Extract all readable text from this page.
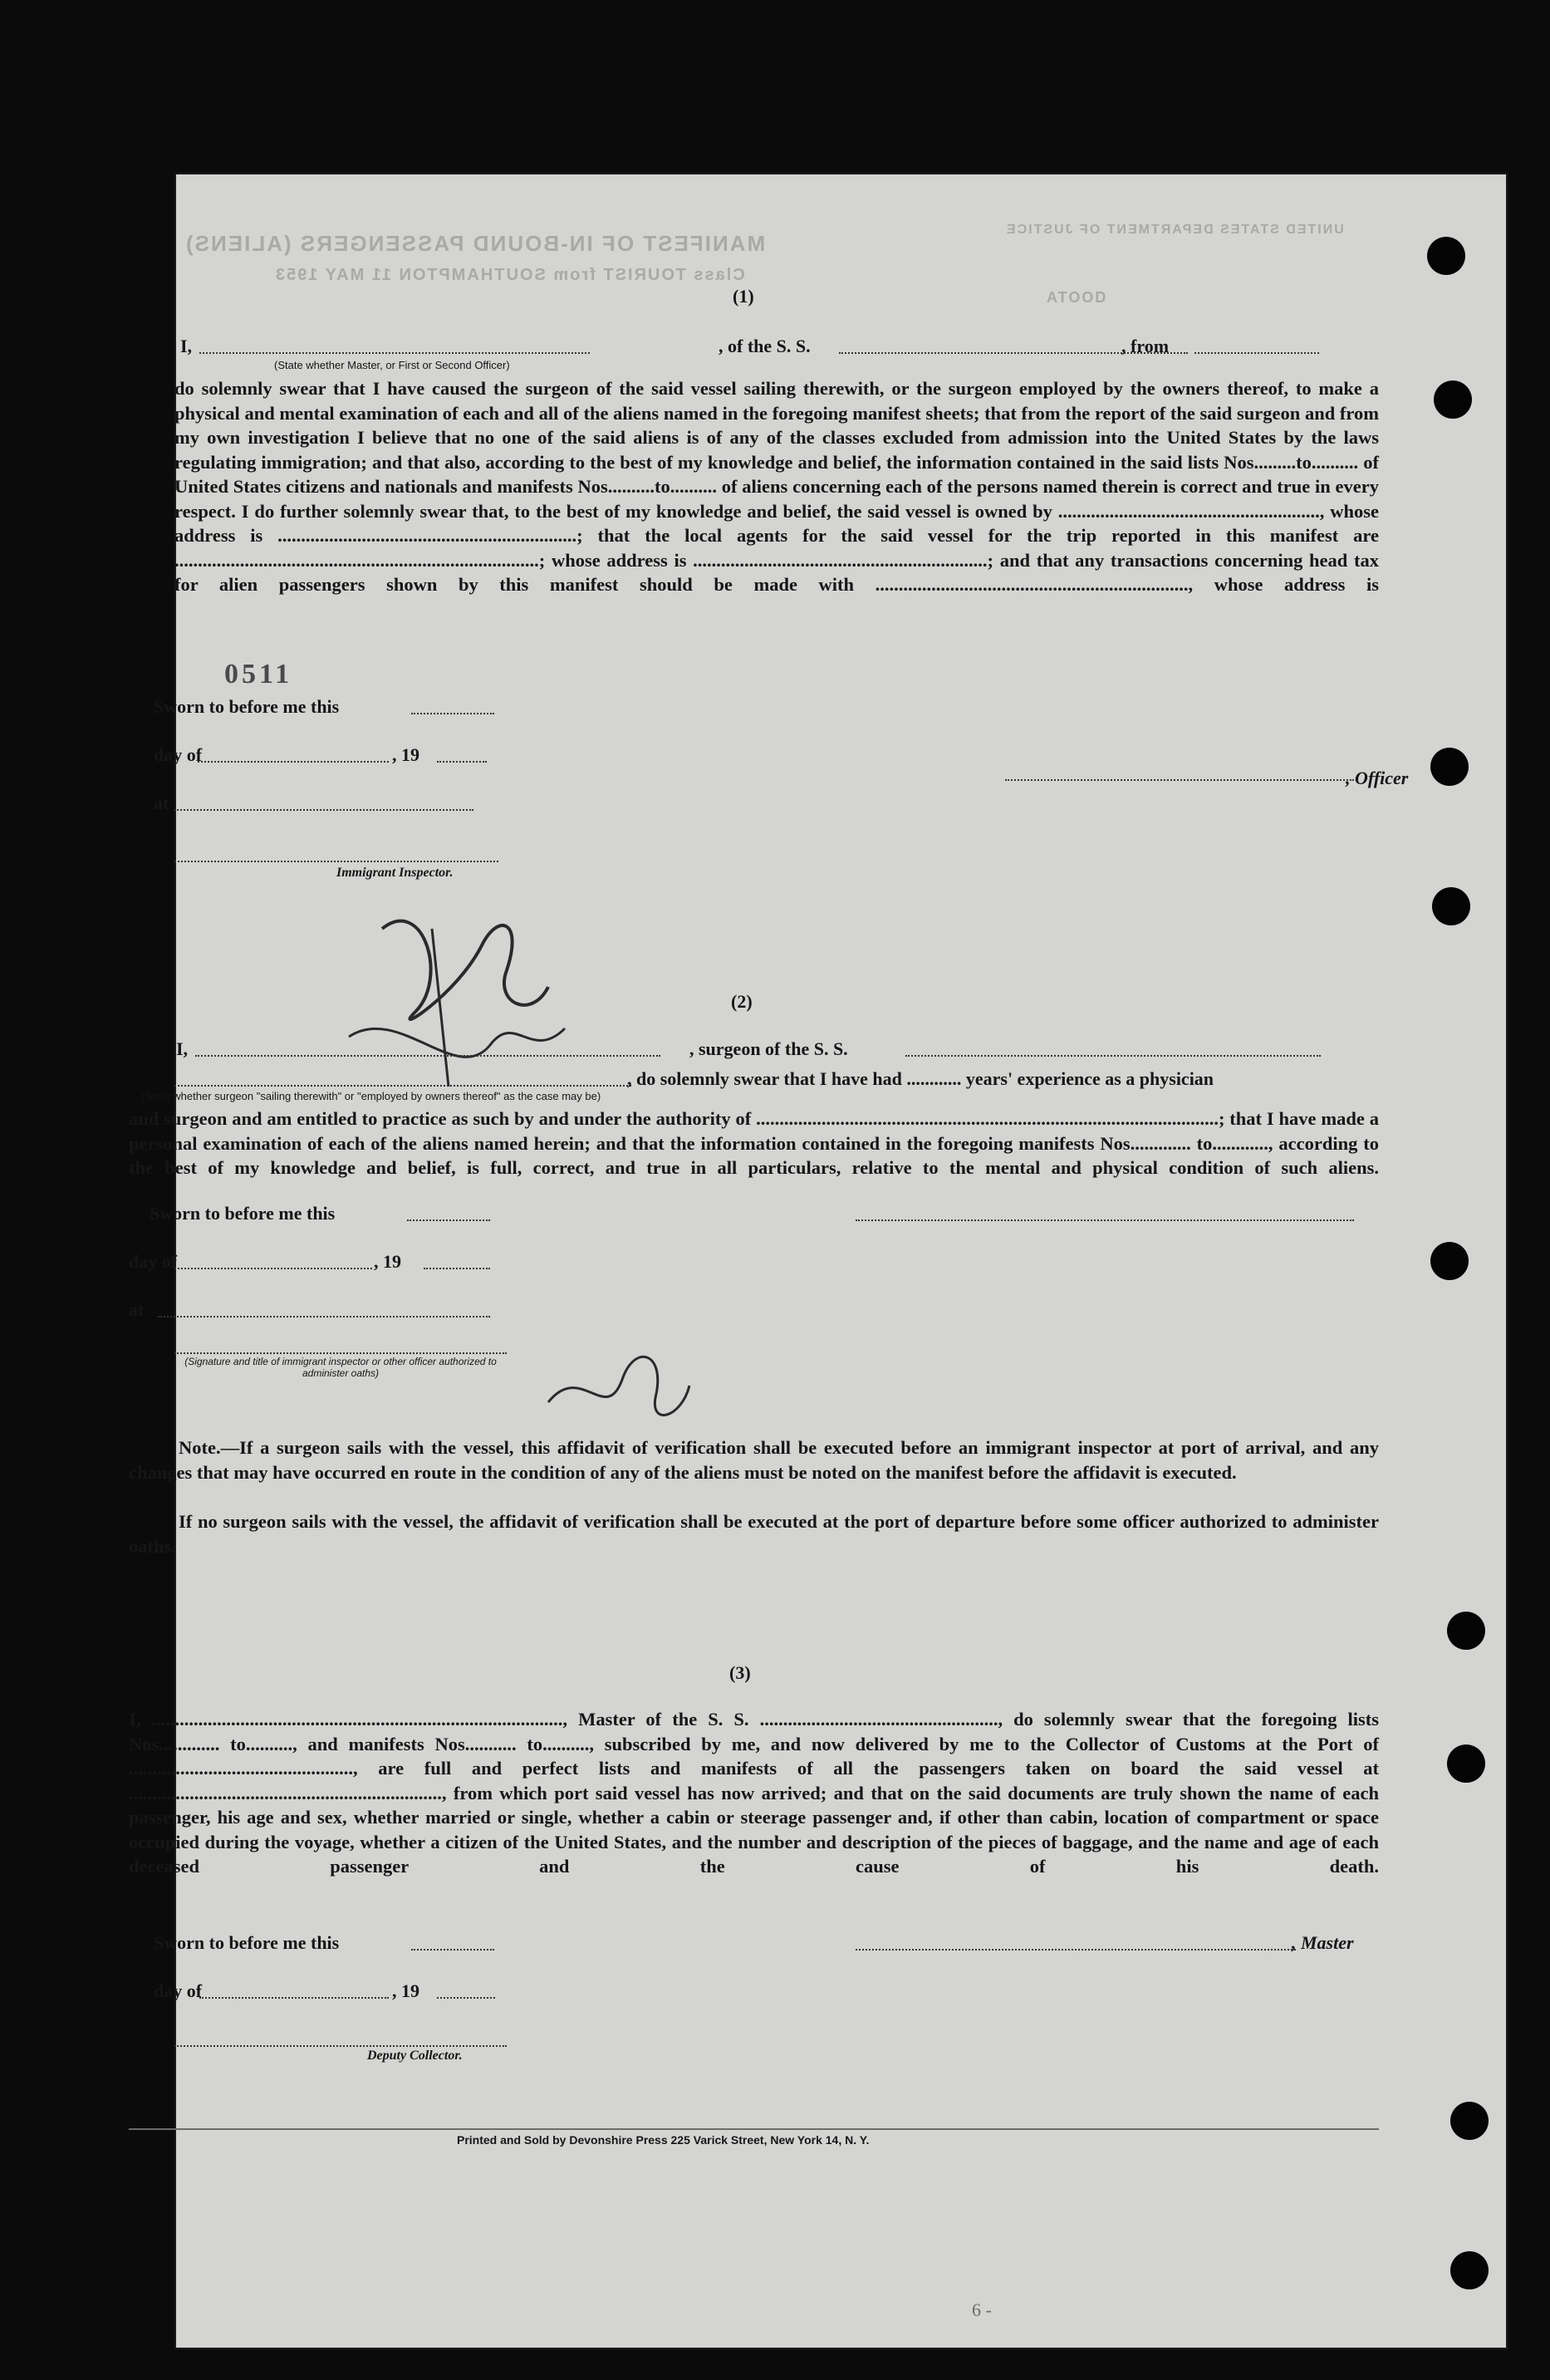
MANIFEST OF IN-BOUND PASSENGERS (ALIENS)
Class TOURIST from SOUTHAMPTON 11 MAY 1953
UNITED STATES DEPARTMENT OF JUSTICE
ATOOD
(1)
I,	, of the S. S.	, from
(State whether Master, or First or Second Officer)
do solemnly swear that I have caused the surgeon of the said vessel sailing therewith, or the surgeon employed by the owners thereof, to make a physical and mental examination of each and all of the aliens named in the foregoing manifest sheets; that from the report of the said surgeon and from my own investigation I believe that no one of the said aliens is of any of the classes excluded from admission into the United States by the laws regulating immigration; and that also, according to the best of my knowledge and belief, the information contained in the said lists Nos.........to.......... of United States citizens and nationals and manifests Nos..........to.......... of aliens concerning each of the persons named therein is correct and true in every respect. I do further solemnly swear that, to the best of my knowledge and belief, the said vessel is owned by ........................................................, whose address is ................................................................; that the local agents for the said vessel for the trip reported in this manifest are ..............................................................................; whose address is ...............................................................; and that any transactions concerning head tax for alien passengers shown by this manifest should be made with ..................................................................., whose address is
0511
Sworn to before me this
day of	, 19
at
, Officer
Immigrant Inspector.
(2)
I,	, surgeon of the S. S.
, do solemnly swear that I have had ............ years' experience as a physician
(State whether surgeon "sailing therewith" or "employed by owners thereof" as the case may be)
and surgeon and am entitled to practice as such by and under the authority of ...................................................................................................; that I have made a personal examination of each of the aliens named herein; and that the information contained in the foregoing manifests Nos............. to............, according to the best of my knowledge and belief, is full, correct, and true in all particulars, relative to the mental and physical condition of such aliens.
Sworn to before me this
day of	, 19
at
(Signature and title of immigrant inspector or other officer authorized to administer oaths)
Note.—If a surgeon sails with the vessel, this affidavit of verification shall be executed before an immigrant inspector at port of arrival, and any changes that may have occurred en route in the condition of any of the aliens must be noted on the manifest before the affidavit is executed.
If no surgeon sails with the vessel, the affidavit of verification shall be executed at the port of departure before some officer authorized to administer oaths.
(3)
I, ........................................................................................, Master of the S. S. ..................................................., do solemnly swear that the foregoing lists Nos............. to.........., and manifests Nos........... to.........., subscribed by me, and now delivered by me to the Collector of Customs at the Port of ................................................, are full and perfect lists and manifests of all the passengers taken on board the said vessel at ..................................................................., from which port said vessel has now arrived; and that on the said documents are truly shown the name of each passenger, his age and sex, whether married or single, whether a cabin or steerage passenger and, if other than cabin, location of compartment or space occupied during the voyage, whether a citizen of the United States, and the number and description of the pieces of baggage, and the name and age of each deceased passenger and the cause of his death.
Sworn to before me this	, Master
day of	, 19
Deputy Collector.
Printed and Sold by Devonshire Press 225 Varick Street, New York 14, N. Y.
6 -
